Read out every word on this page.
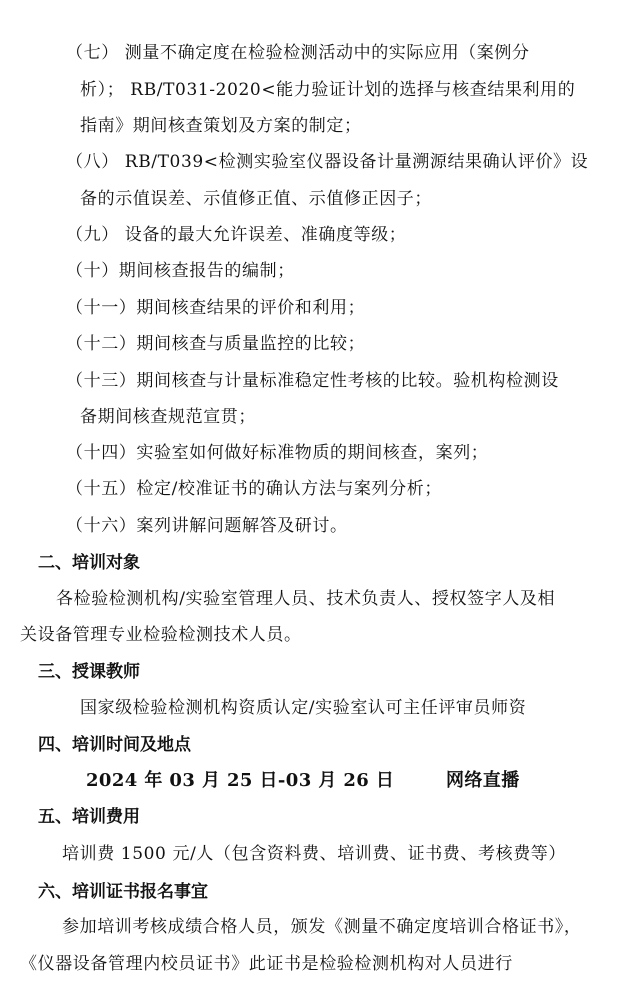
（七） 测量不确定度在检验检测活动中的实际应用（案例分
析）； RB/T031-2020<能力验证计划的选择与核查结果利用的
指南》期间核查策划及方案的制定；
（八） RB/T039<检测实验室仪器设备计量溯源结果确认评价》设
备的示值误差、示值修正值、示值修正因子；
（九） 设备的最大允许误差、准确度等级；
（十）期间核查报告的编制；
（十一）期间核查结果的评价和利用；
（十二）期间核查与质量监控的比较；
（十三）期间核查与计量标准稳定性考核的比较。验机构检测设
备期间核查规范宣贯；
（十四）实验室如何做好标准物质的期间核查，案列；
（十五）检定/校准证书的确认方法与案列分析；
（十六）案列讲解问题解答及研讨。
二、培训对象
各检验检测机构/实验室管理人员、技术负责人、授权签字人及相
关设备管理专业检验检测技术人员。
三、授课教师
国家级检验检测机构资质认定/实验室认可主任评审员师资
四、培训时间及地点
2024 年 03 月 25 日-03 月 26 日	网络直播
五、培训费用
培训费 1500 元/人（包含资料费、培训费、证书费、考核费等）
六、培训证书报名事宜
参加培训考核成绩合格人员，颁发《测量不确定度培训合格证书》，
《仪器设备管理内校员证书》此证书是检验检测机构对人员进行
